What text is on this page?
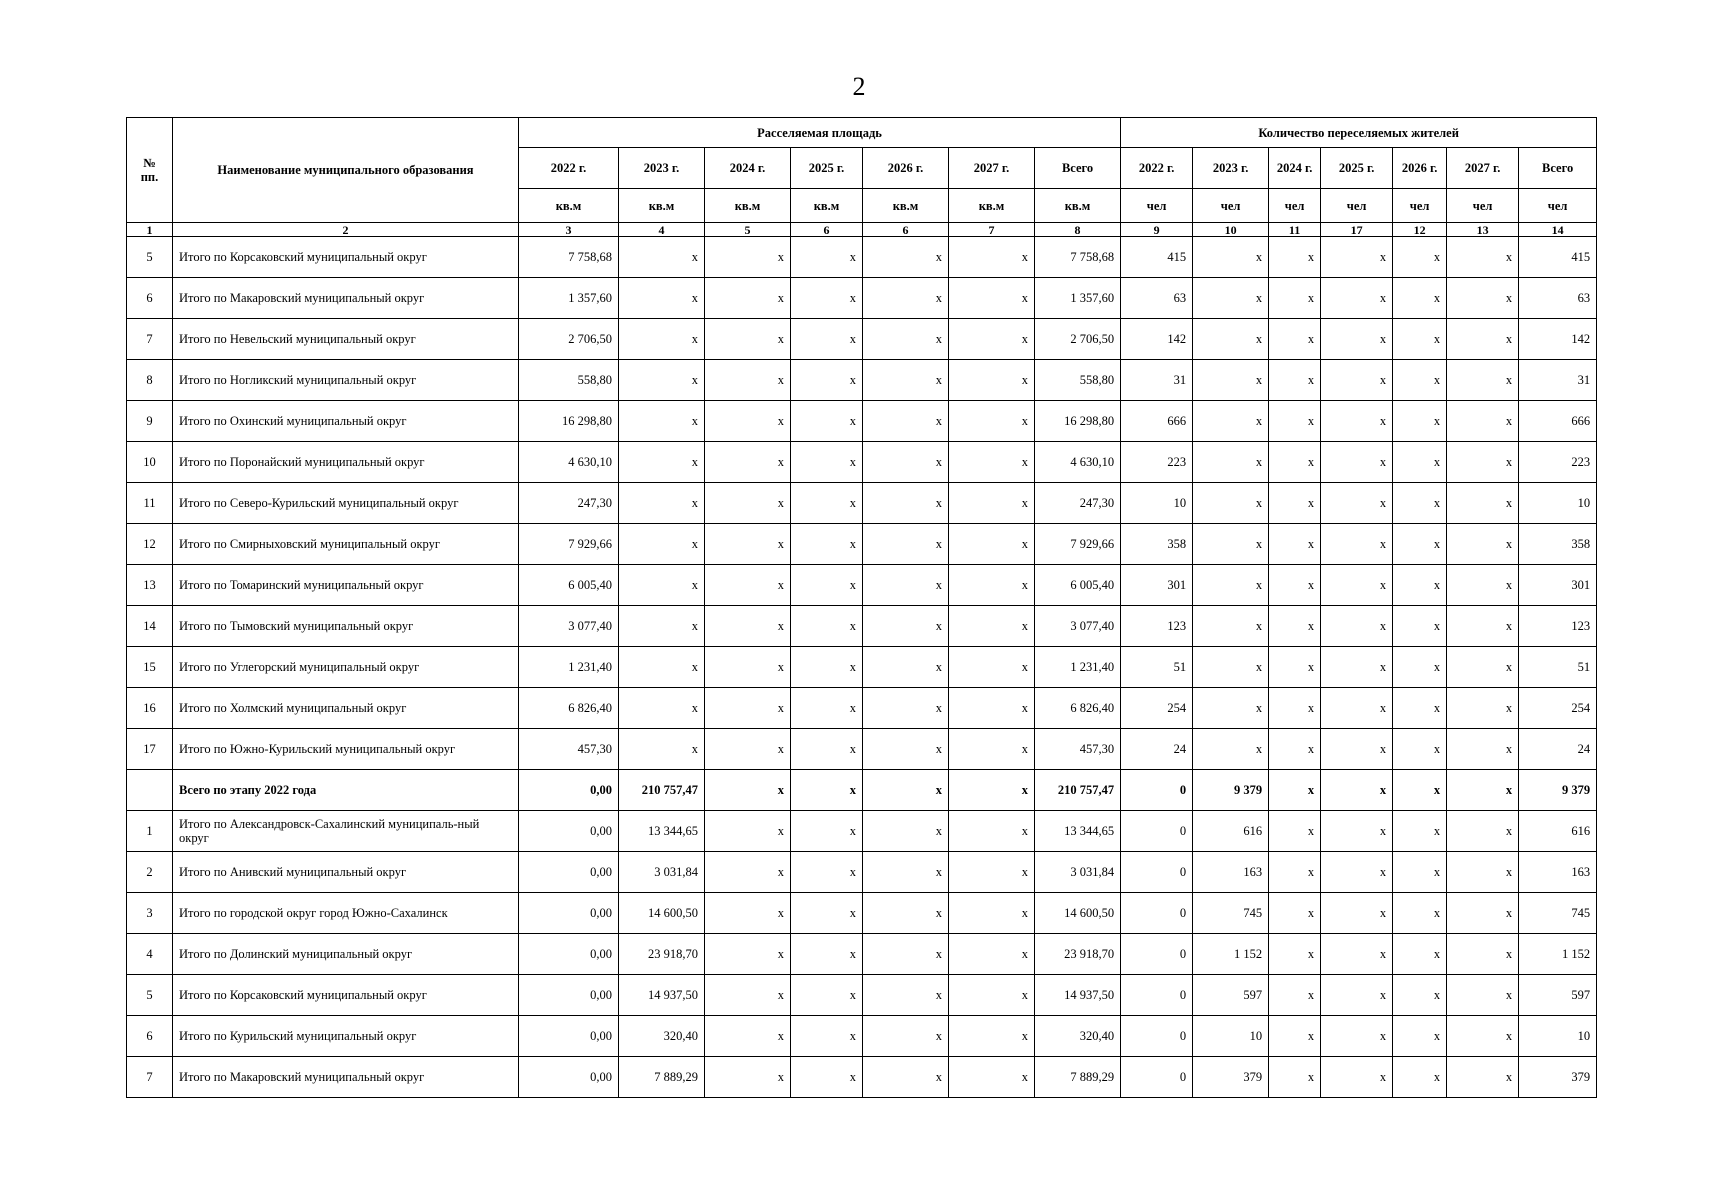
2
№ пп.	Наименование муниципального образования	Расселяемая площадь							Количество переселяемых жителей						
		2022 г.	2023 г.	2024 г.	2025 г.	2026 г.	2027 г.	Всего	2022 г.	2023 г.	2024 г.	2025 г.	2026 г.	2027 г.	Всего
		кв.м	кв.м	кв.м	кв.м	кв.м	кв.м	кв.м	чел	чел	чел	чел	чел	чел	чел
1	2	3	4	5	6	6	7	8	9	10	11	17	12	13	14
5	Итого по Корсаковский муниципальный округ	7 758,68	х	х	х	х	х	7 758,68	415	х	х	х	х	х	415
6	Итого по Макаровский муниципальный округ	1 357,60	х	х	х	х	х	1 357,60	63	х	х	х	х	х	63
7	Итого по Невельский муниципальный округ	2 706,50	х	х	х	х	х	2 706,50	142	х	х	х	х	х	142
8	Итого по Ногликский муниципальный округ	558,80	х	х	х	х	х	558,80	31	х	х	х	х	х	31
9	Итого по Охинский муниципальный округ	16 298,80	х	х	х	х	х	16 298,80	666	х	х	х	х	х	666
10	Итого по Поронайский муниципальный округ	4 630,10	х	х	х	х	х	4 630,10	223	х	х	х	х	х	223
11	Итого по Северо-Курильский муниципальный округ	247,30	х	х	х	х	х	247,30	10	х	х	х	х	х	10
12	Итого по Смирныховский муниципальный округ	7 929,66	х	х	х	х	х	7 929,66	358	х	х	х	х	х	358
13	Итого по Томаринский муниципальный округ	6 005,40	х	х	х	х	х	6 005,40	301	х	х	х	х	х	301
14	Итого по Тымовский муниципальный округ	3 077,40	х	х	х	х	х	3 077,40	123	х	х	х	х	х	123
15	Итого по Углегорский муниципальный округ	1 231,40	х	х	х	х	х	1 231,40	51	х	х	х	х	х	51
16	Итого по Холмский муниципальный округ	6 826,40	х	х	х	х	х	6 826,40	254	х	х	х	х	х	254
17	Итого по Южно-Курильский муниципальный округ	457,30	х	х	х	х	х	457,30	24	х	х	х	х	х	24
	Всего по этапу 2022 года	0,00	210 757,47	х	х	х	х	210 757,47	0	9 379	х	х	х	х	9 379
1	Итого по Александровск-Сахалинский муниципаль-ный округ	0,00	13 344,65	х	х	х	х	13 344,65	0	616	х	х	х	х	616
2	Итого по Анивский муниципальный округ	0,00	3 031,84	х	х	х	х	3 031,84	0	163	х	х	х	х	163
3	Итого по городской округ город Южно-Сахалинск	0,00	14 600,50	х	х	х	х	14 600,50	0	745	х	х	х	х	745
4	Итого по Долинский муниципальный округ	0,00	23 918,70	х	х	х	х	23 918,70	0	1 152	х	х	х	х	1 152
5	Итого по Корсаковский муниципальный округ	0,00	14 937,50	х	х	х	х	14 937,50	0	597	х	х	х	х	597
6	Итого по Курильский муниципальный округ	0,00	320,40	х	х	х	х	320,40	0	10	х	х	х	х	10
7	Итого по Макаровский муниципальный округ	0,00	7 889,29	х	х	х	х	7 889,29	0	379	х	х	х	х	379
